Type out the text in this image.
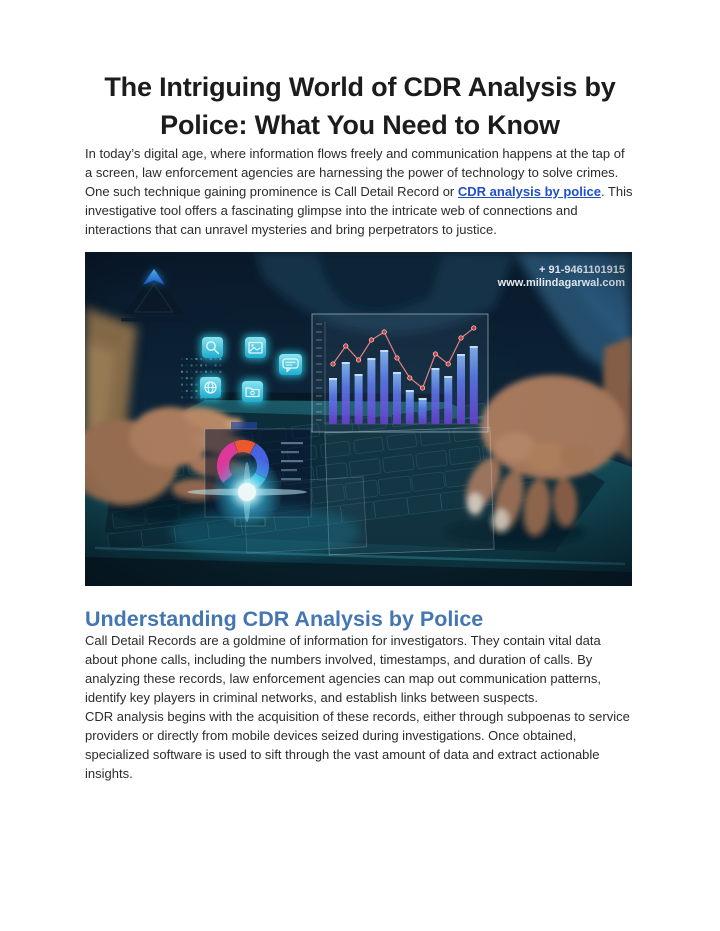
The Intriguing World of CDR Analysis by
Police: What You Need to Know

In today’s digital age, where information flows freely and communication happens at the tap of a screen, law enforcement agencies are harnessing the power of technology to solve crimes. One such technique gaining prominence is Call Detail Record or CDR analysis by police. This investigative tool offers a fascinating glimpse into the intricate web of connections and interactions that can unravel mysteries and bring perpetrators to justice.

Understanding CDR Analysis by Police

Call Detail Records are a goldmine of information for investigators. They contain vital data about phone calls, including the numbers involved, timestamps, and duration of calls. By analyzing these records, law enforcement agencies can map out communication patterns, identify key players in criminal networks, and establish links between suspects.

CDR analysis begins with the acquisition of these records, either through subpoenas to service providers or directly from mobile devices seized during investigations. Once obtained, specialized software is used to sift through the vast amount of data and extract actionable insights.
